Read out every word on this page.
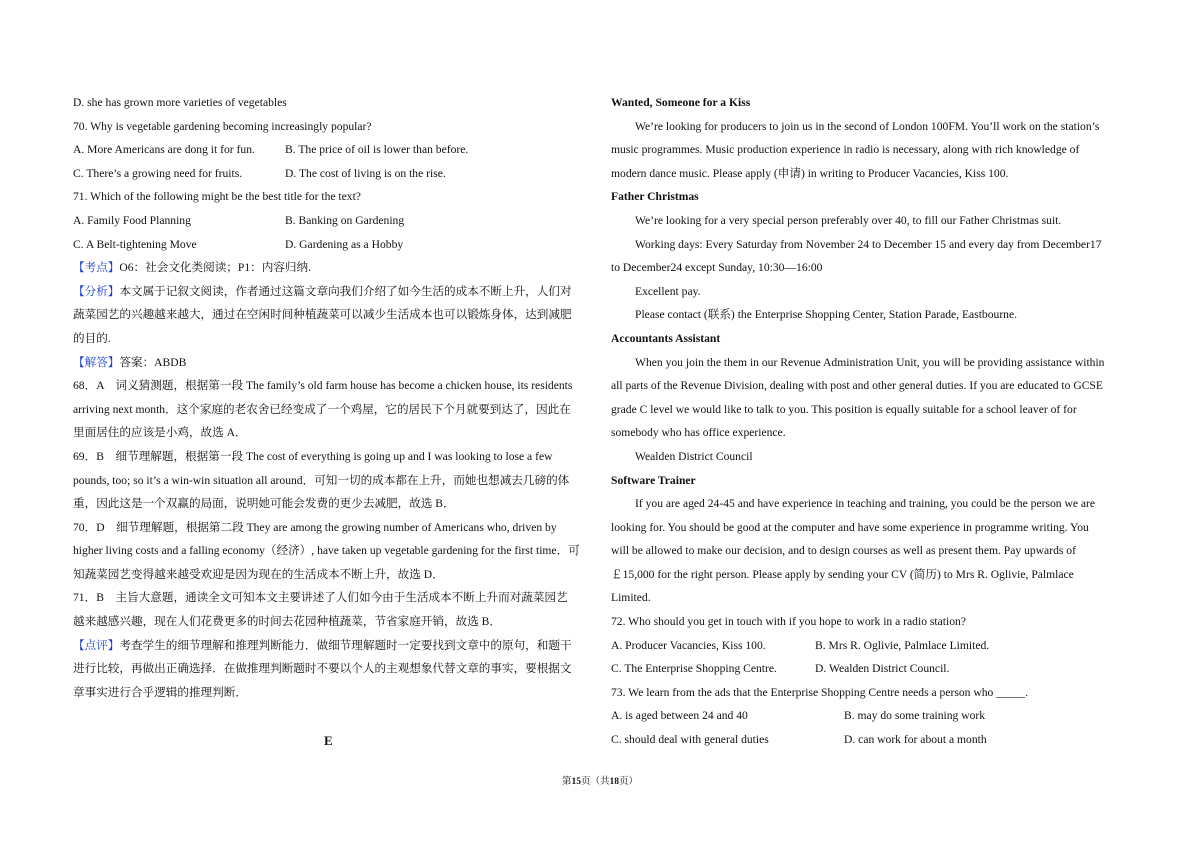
D. she has grown more varieties of vegetables
70. Why is vegetable gardening becoming increasingly popular?
A. More Americans are dong it for fun.	B. The price of oil is lower than before.
C. There’s a growing need for fruits.	D. The cost of living is on the rise.
71. Which of the following might be the best title for the text?
A. Family Food Planning	B. Banking on Gardening
C. A Belt-tightening Move	D. Gardening as a Hobby
【考点】O6：社会文化类阅读；P1：内容归纳.
【分析】本文属于记叙文阅读，作者通过这篇文章向我们介绍了如今生活的成本不断上升，人们对
蔬菜园艺的兴趣越来越大，通过在空闲时间种植蔬菜可以减少生活成本也可以锻炼身体，达到减肥
的目的.
【解答】答案：ABDB
68．A　词义猜测题，根据第一段 The family’s old farm house has become a chicken house, its residents
arriving next month．这个家庭的老农舍已经变成了一个鸡屋，它的居民下个月就要到达了，因此在
里面居住的应该是小鸡，故选 A．
69．B　细节理解题，根据第一段 The cost of everything is going up and I was looking to lose a few
pounds, too; so it’s a win-win situation all around．可知一切的成本都在上升，而她也想减去几磅的体
重，因此这是一个双赢的局面，说明她可能会发费的更少去减肥，故选 B．
70．D　细节理解题，根据第二段 They are among the growing number of Americans who, driven by
higher living costs and a falling economy（经济）, have taken up vegetable gardening for the first time．可
知蔬菜园艺变得越来越受欢迎是因为现在的生活成本不断上升，故选 D．
71．B　主旨大意题，通读全文可知本文主要讲述了人们如今由于生活成本不断上升而对蔬菜园艺
越来越感兴趣，现在人们花费更多的时间去花园种植蔬菜，节省家庭开销，故选 B．
【点评】考查学生的细节理解和推理判断能力．做细节理解题时一定要找到文章中的原句，和题干
进行比较，再做出正确选择．在做推理判断题时不要以个人的主观想象代替文章的事实，要根据文
章事实进行合乎逻辑的推理判断．
E
Wanted, Someone for a Kiss
We’re looking for producers to join us in the second of London 100FM. You’ll work on the station’s
music programmes. Music production experience in radio is necessary, along with rich knowledge of
modern dance music. Please apply (申请) in writing to Producer Vacancies, Kiss 100.
Father Christmas
We’re looking for a very special person preferably over 40, to fill our Father Christmas suit.
Working days: Every Saturday from November 24 to December 15 and every day from December17
to December24 except Sunday, 10:30—16:00
Excellent pay.
Please contact (联系) the Enterprise Shopping Center, Station Parade, Eastbourne.
Accountants Assistant
When you join the them in our Revenue Administration Unit, you will be providing assistance within
all parts of the Revenue Division, dealing with post and other general duties. If you are educated to GCSE
grade C level we would like to talk to you. This position is equally suitable for a school leaver of for
somebody who has office experience.
Wealden District Council
Software Trainer
If you are aged 24-45 and have experience in teaching and training, you could be the person we are
looking for. You should be good at the computer and have some experience in programme writing. You
will be allowed to make our decision, and to design courses as well as present them. Pay upwards of
￡15,000 for the right person. Please apply by sending your CV (简历) to Mrs R. Oglivie, Palmlace
Limited.
72. Who should you get in touch with if you hope to work in a radio station?
A. Producer Vacancies, Kiss 100.	B. Mrs R. Oglivie, Palmlace Limited.
C. The Enterprise Shopping Centre.	D. Wealden District Council.
73. We learn from the ads that the Enterprise Shopping Centre needs a person who _____.
A. is aged between 24 and 40	B. may do some training work
C. should deal with general duties	D. can work for about a month
第15页（共18页）
